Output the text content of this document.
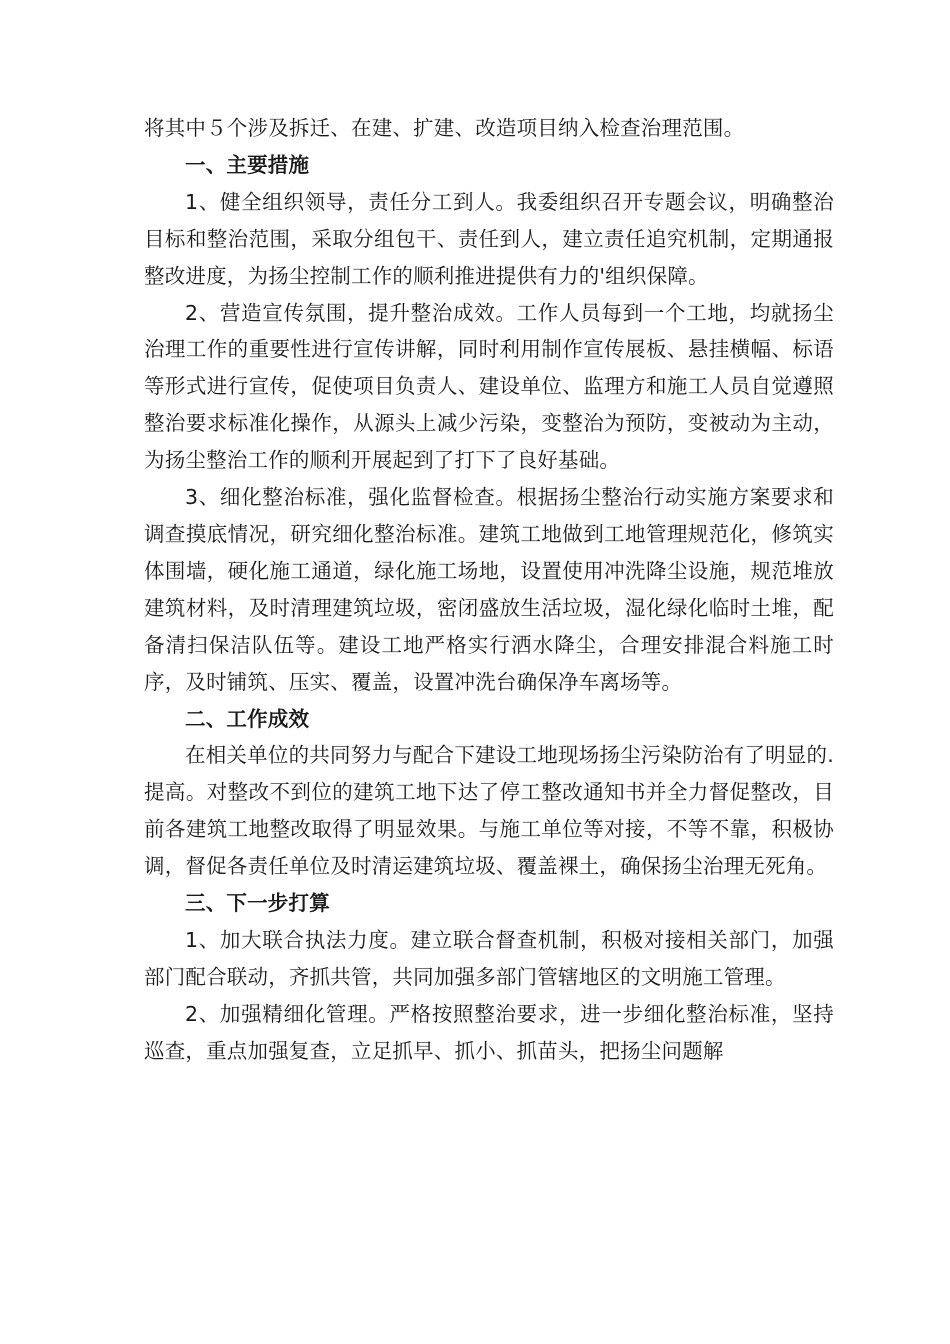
将其中５个涉及拆迁、在建、扩建、改造项目纳入检查治理范围。

一、主要措施

1、健全组织领导，责任分工到人。我委组织召开专题会议，明确整治目标和整治范围，采取分组包干、责任到人，建立责任追究机制，定期通报整改进度，为扬尘控制工作的顺利推进提供有力的'组织保障。

2、营造宣传氛围，提升整治成效。工作人员每到一个工地，均就扬尘治理工作的重要性进行宣传讲解，同时利用制作宣传展板、悬挂横幅、标语等形式进行宣传，促使项目负责人、建设单位、监理方和施工人员自觉遵照整治要求标准化操作，从源头上减少污染，变整治为预防，变被动为主动，为扬尘整治工作的顺利开展起到了打下了良好基础。

3、细化整治标准，强化监督检查。根据扬尘整治行动实施方案要求和调查摸底情况，研究细化整治标准。建筑工地做到工地管理规范化，修筑实体围墙，硬化施工通道，绿化施工场地，设置使用冲洗降尘设施，规范堆放建筑材料，及时清理建筑垃圾，密闭盛放生活垃圾，湿化绿化临时土堆，配备清扫保洁队伍等。建设工地严格实行洒水降尘，合理安排混合料施工时序，及时铺筑、压实、覆盖，设置冲洗台确保净车离场等。

二、工作成效

在相关单位的共同努力与配合下建设工地现场扬尘污染防治有了明显的.提高。对整改不到位的建筑工地下达了停工整改通知书并全力督促整改，目前各建筑工地整改取得了明显效果。与施工单位等对接，不等不靠，积极协调，督促各责任单位及时清运建筑垃圾、覆盖裸土，确保扬尘治理无死角。

三、下一步打算

1、加大联合执法力度。建立联合督查机制，积极对接相关部门，加强部门配合联动，齐抓共管，共同加强多部门管辖地区的文明施工管理。

2、加强精细化管理。严格按照整治要求，进一步细化整治标准，坚持巡查，重点加强复查，立足抓早、抓小、抓苗头，把扬尘问题解
